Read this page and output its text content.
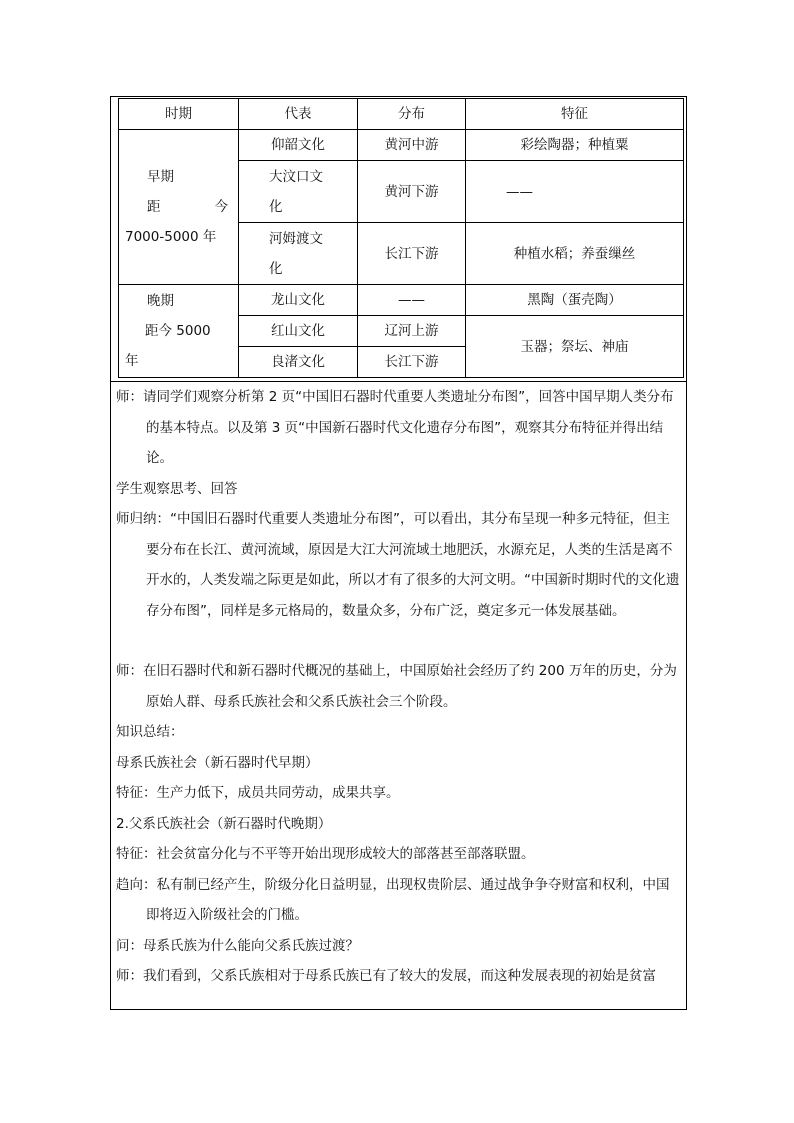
时期	代表	分布	特征

早期
距 今
7000-5000 年	仰韶文化	黄河中游	彩绘陶器；种植粟
	大汶口文
化	黄河下游	——
	河姆渡文
化	长江下游	种植水稻；养蚕缫丝

晚期
距今 5000
年	龙山文化	——	黑陶（蛋壳陶）
	红山文化	辽河上游	玉器；祭坛、神庙
	良渚文化	长江下游	

师：请同学们观察分析第 2 页“中国旧石器时代重要人类遗址分布图”，回答中国早期人类分布的基本特点。以及第 3 页“中国新石器时代文化遗存分布图”，观察其分布特征并得出结论。

学生观察思考、回答

师归纳：“中国旧石器时代重要人类遗址分布图”，可以看出，其分布呈现一种多元特征，但主要分布在长江、黄河流域，原因是大江大河流域土地肥沃，水源充足，人类的生活是离不开水的，人类发端之际更是如此，所以才有了很多的大河文明。“中国新时期时代的文化遗存分布图”，同样是多元格局的，数量众多，分布广泛，奠定多元一体发展基础。

师：在旧石器时代和新石器时代概况的基础上，中国原始社会经历了约 200 万年的历史，分为原始人群、母系氏族社会和父系氏族社会三个阶段。

知识总结：

母系氏族社会（新石器时代早期）

特征：生产力低下，成员共同劳动，成果共享。

2.父系氏族社会（新石器时代晚期）

特征：社会贫富分化与不平等开始出现形成较大的部落甚至部落联盟。

趋向：私有制已经产生，阶级分化日益明显，出现权贵阶层、通过战争争夺财富和权利，中国即将迈入阶级社会的门槛。

问：母系氏族为什么能向父系氏族过渡？

师：我们看到，父系氏族相对于母系氏族已有了较大的发展，而这种发展表现的初始是贫富
